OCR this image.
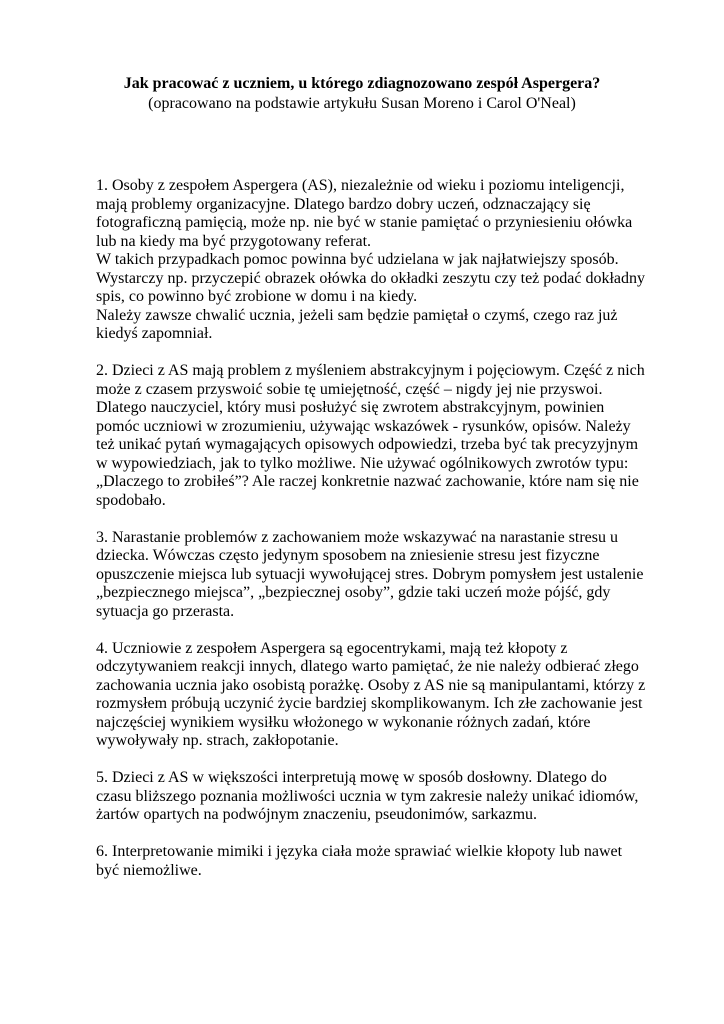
Jak pracować z uczniem, u którego zdiagnozowano zespół Aspergera?
(opracowano na podstawie artykułu Susan Moreno i Carol O'Neal)
1. Osoby z zespołem Aspergera (AS), niezależnie od wieku i poziomu inteligencji,
mają problemy organizacyjne. Dlatego bardzo dobry uczeń, odznaczający się
fotograficzną pamięcią, może np. nie być w stanie pamiętać o przyniesieniu ołówka
lub na kiedy ma być przygotowany referat.
W takich przypadkach pomoc powinna być udzielana w jak najłatwiejszy sposób.
Wystarczy np. przyczepić obrazek ołówka do okładki zeszytu czy też podać dokładny
spis, co powinno być zrobione w domu i na kiedy.
Należy zawsze chwalić ucznia, jeżeli sam będzie pamiętał o czymś, czego raz już
kiedyś zapomniał.
2. Dzieci z AS mają problem z myśleniem abstrakcyjnym i pojęciowym. Część z nich
może z czasem przyswoić sobie tę umiejętność, część – nigdy jej nie przyswoi.
Dlatego nauczyciel, który musi posłużyć się zwrotem abstrakcyjnym, powinien
pomóc uczniowi w zrozumieniu, używając wskazówek - rysunków, opisów. Należy
też unikać pytań wymagających opisowych odpowiedzi, trzeba być tak precyzyjnym
w wypowiedziach, jak to tylko możliwe. Nie używać ogólnikowych zwrotów typu:
„Dlaczego to zrobiłeś”? Ale raczej konkretnie nazwać zachowanie, które nam się nie
spodobało.
3. Narastanie problemów z zachowaniem może wskazywać na narastanie stresu u
dziecka. Wówczas często jedynym sposobem na zniesienie stresu jest fizyczne
opuszczenie miejsca lub sytuacji wywołującej stres. Dobrym pomysłem jest ustalenie
„bezpiecznego miejsca”, „bezpiecznej osoby”, gdzie taki uczeń może pójść, gdy
sytuacja go przerasta.
4. Uczniowie z zespołem Aspergera są egocentrykami, mają też kłopoty z
odczytywaniem reakcji innych, dlatego warto pamiętać, że nie należy odbierać złego
zachowania ucznia jako osobistą porażkę. Osoby z AS nie są manipulantami, którzy z
rozmysłem próbują uczynić życie bardziej skomplikowanym. Ich złe zachowanie jest
najczęściej wynikiem wysiłku włożonego w wykonanie różnych zadań, które
wywoływały np. strach, zakłopotanie.
5. Dzieci z AS w większości interpretują mowę w sposób dosłowny. Dlatego do
czasu bliższego poznania możliwości ucznia w tym zakresie należy unikać idiomów,
żartów opartych na podwójnym znaczeniu, pseudonimów, sarkazmu.
6. Interpretowanie mimiki i języka ciała może sprawiać wielkie kłopoty lub nawet
być niemożliwe.
